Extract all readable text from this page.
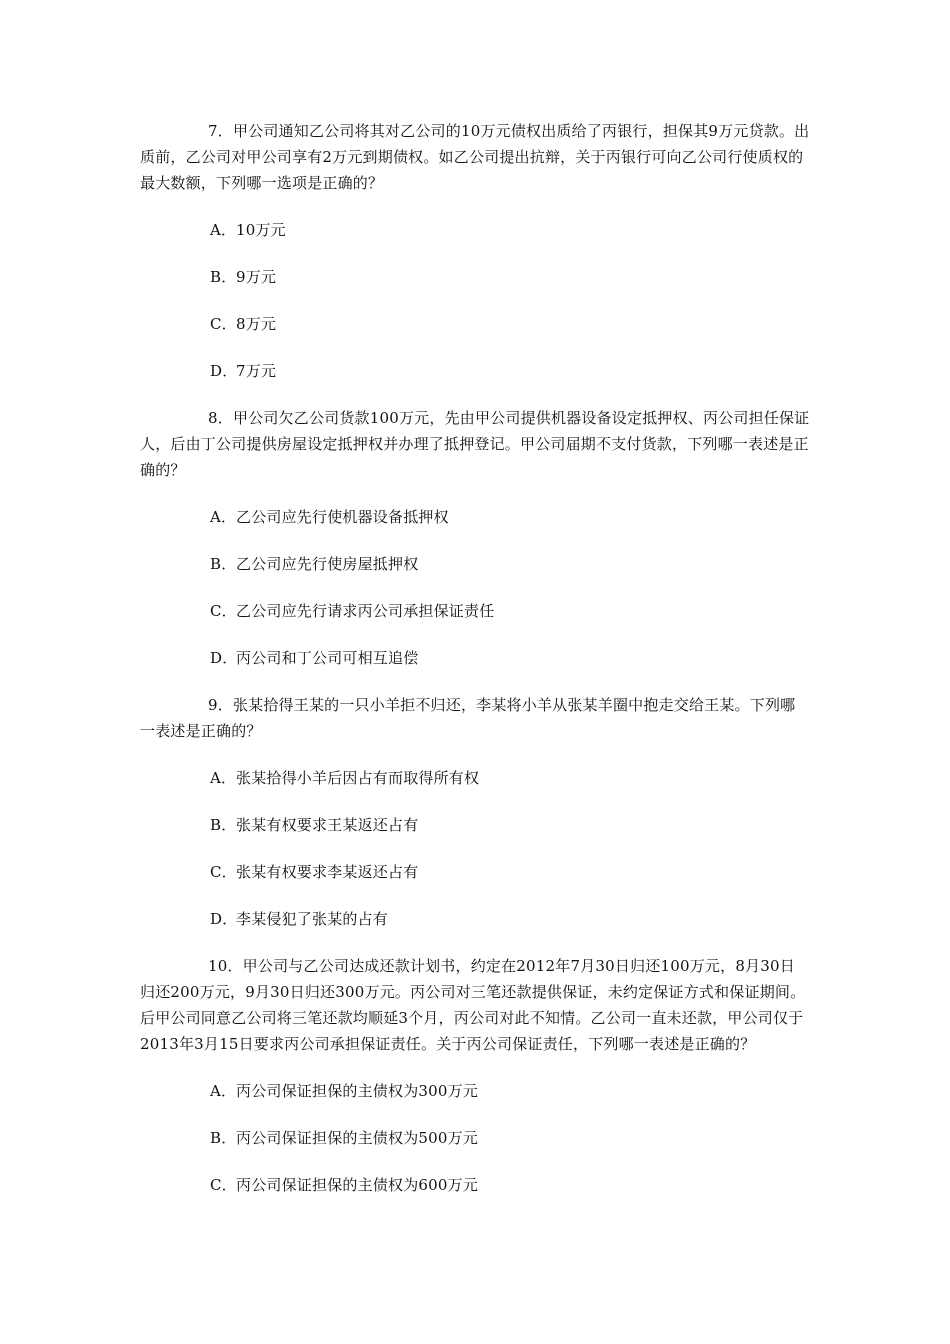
7．甲公司通知乙公司将其对乙公司的10万元债权出质给了丙银行，担保其9万元贷款。出质前，乙公司对甲公司享有2万元到期债权。如乙公司提出抗辩，关于丙银行可向乙公司行使质权的最大数额，下列哪一选项是正确的？

A．10万元
B．9万元
C．8万元
D．7万元

8．甲公司欠乙公司货款100万元，先由甲公司提供机器设备设定抵押权、丙公司担任保证人，后由丁公司提供房屋设定抵押权并办理了抵押登记。甲公司届期不支付货款，下列哪一表述是正确的？

A．乙公司应先行使机器设备抵押权
B．乙公司应先行使房屋抵押权
C．乙公司应先行请求丙公司承担保证责任
D．丙公司和丁公司可相互追偿

9．张某拾得王某的一只小羊拒不归还，李某将小羊从张某羊圈中抱走交给王某。下列哪一表述是正确的？

A．张某拾得小羊后因占有而取得所有权
B．张某有权要求王某返还占有
C．张某有权要求李某返还占有
D．李某侵犯了张某的占有

10．甲公司与乙公司达成还款计划书，约定在2012年7月30日归还100万元，8月30日归还200万元，9月30日归还300万元。丙公司对三笔还款提供保证，未约定保证方式和保证期间。后甲公司同意乙公司将三笔还款均顺延3个月，丙公司对此不知情。乙公司一直未还款，甲公司仅于2013年3月15日要求丙公司承担保证责任。关于丙公司保证责任，下列哪一表述是正确的？

A．丙公司保证担保的主债权为300万元
B．丙公司保证担保的主债权为500万元
C．丙公司保证担保的主债权为600万元
